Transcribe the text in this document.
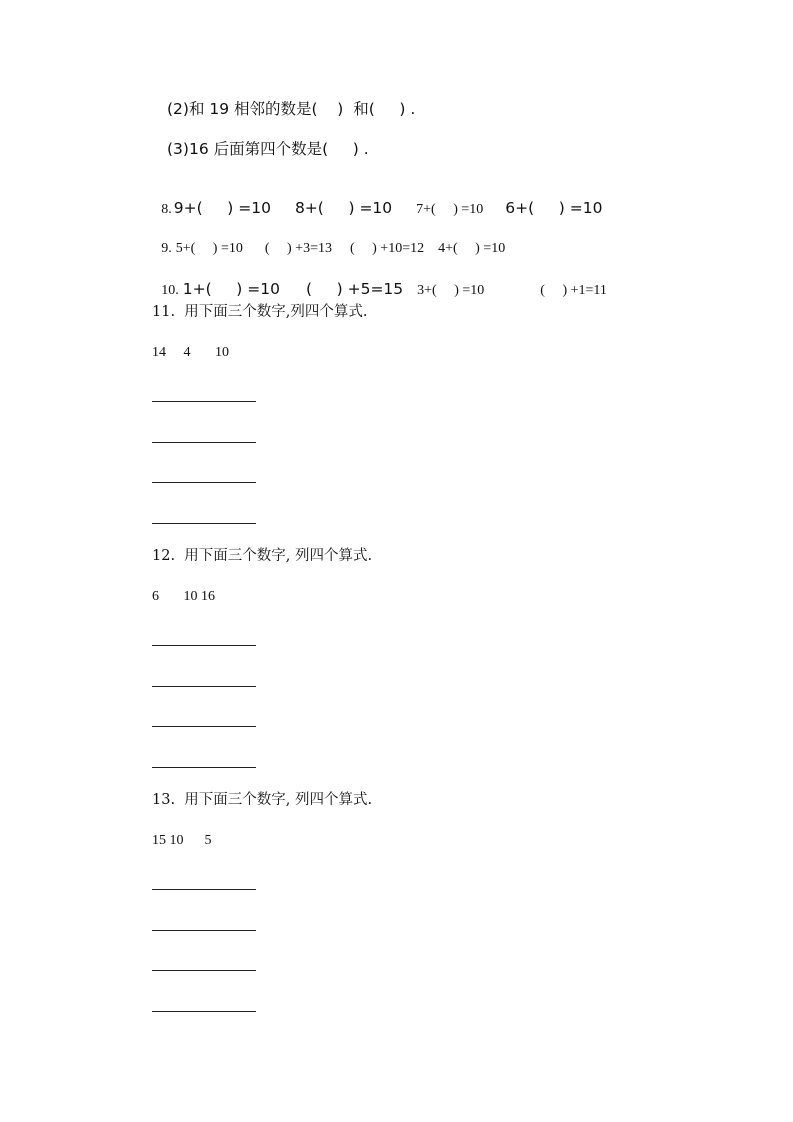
(2)和 19 相邻的数是(    )  和(     ) .
(3)16 后面第四个数是(     ) .

8. 9+(     ) =10 8+(     ) =10 7+(     ) =10 6+(     ) =10

9. 5+(     ) =10 (     ) +3=13 (     ) +10=12 4+(     ) =10

10. 1+(     ) =10 (     ) +5=15 3+(     ) =10	(     ) +1=11

11.  用下面三个数字,列四个算式.
14     4       10
12.  用下面三个数字, 列四个算式.
6       10 16
13.  用下面三个数字, 列四个算式.
15 10      5
